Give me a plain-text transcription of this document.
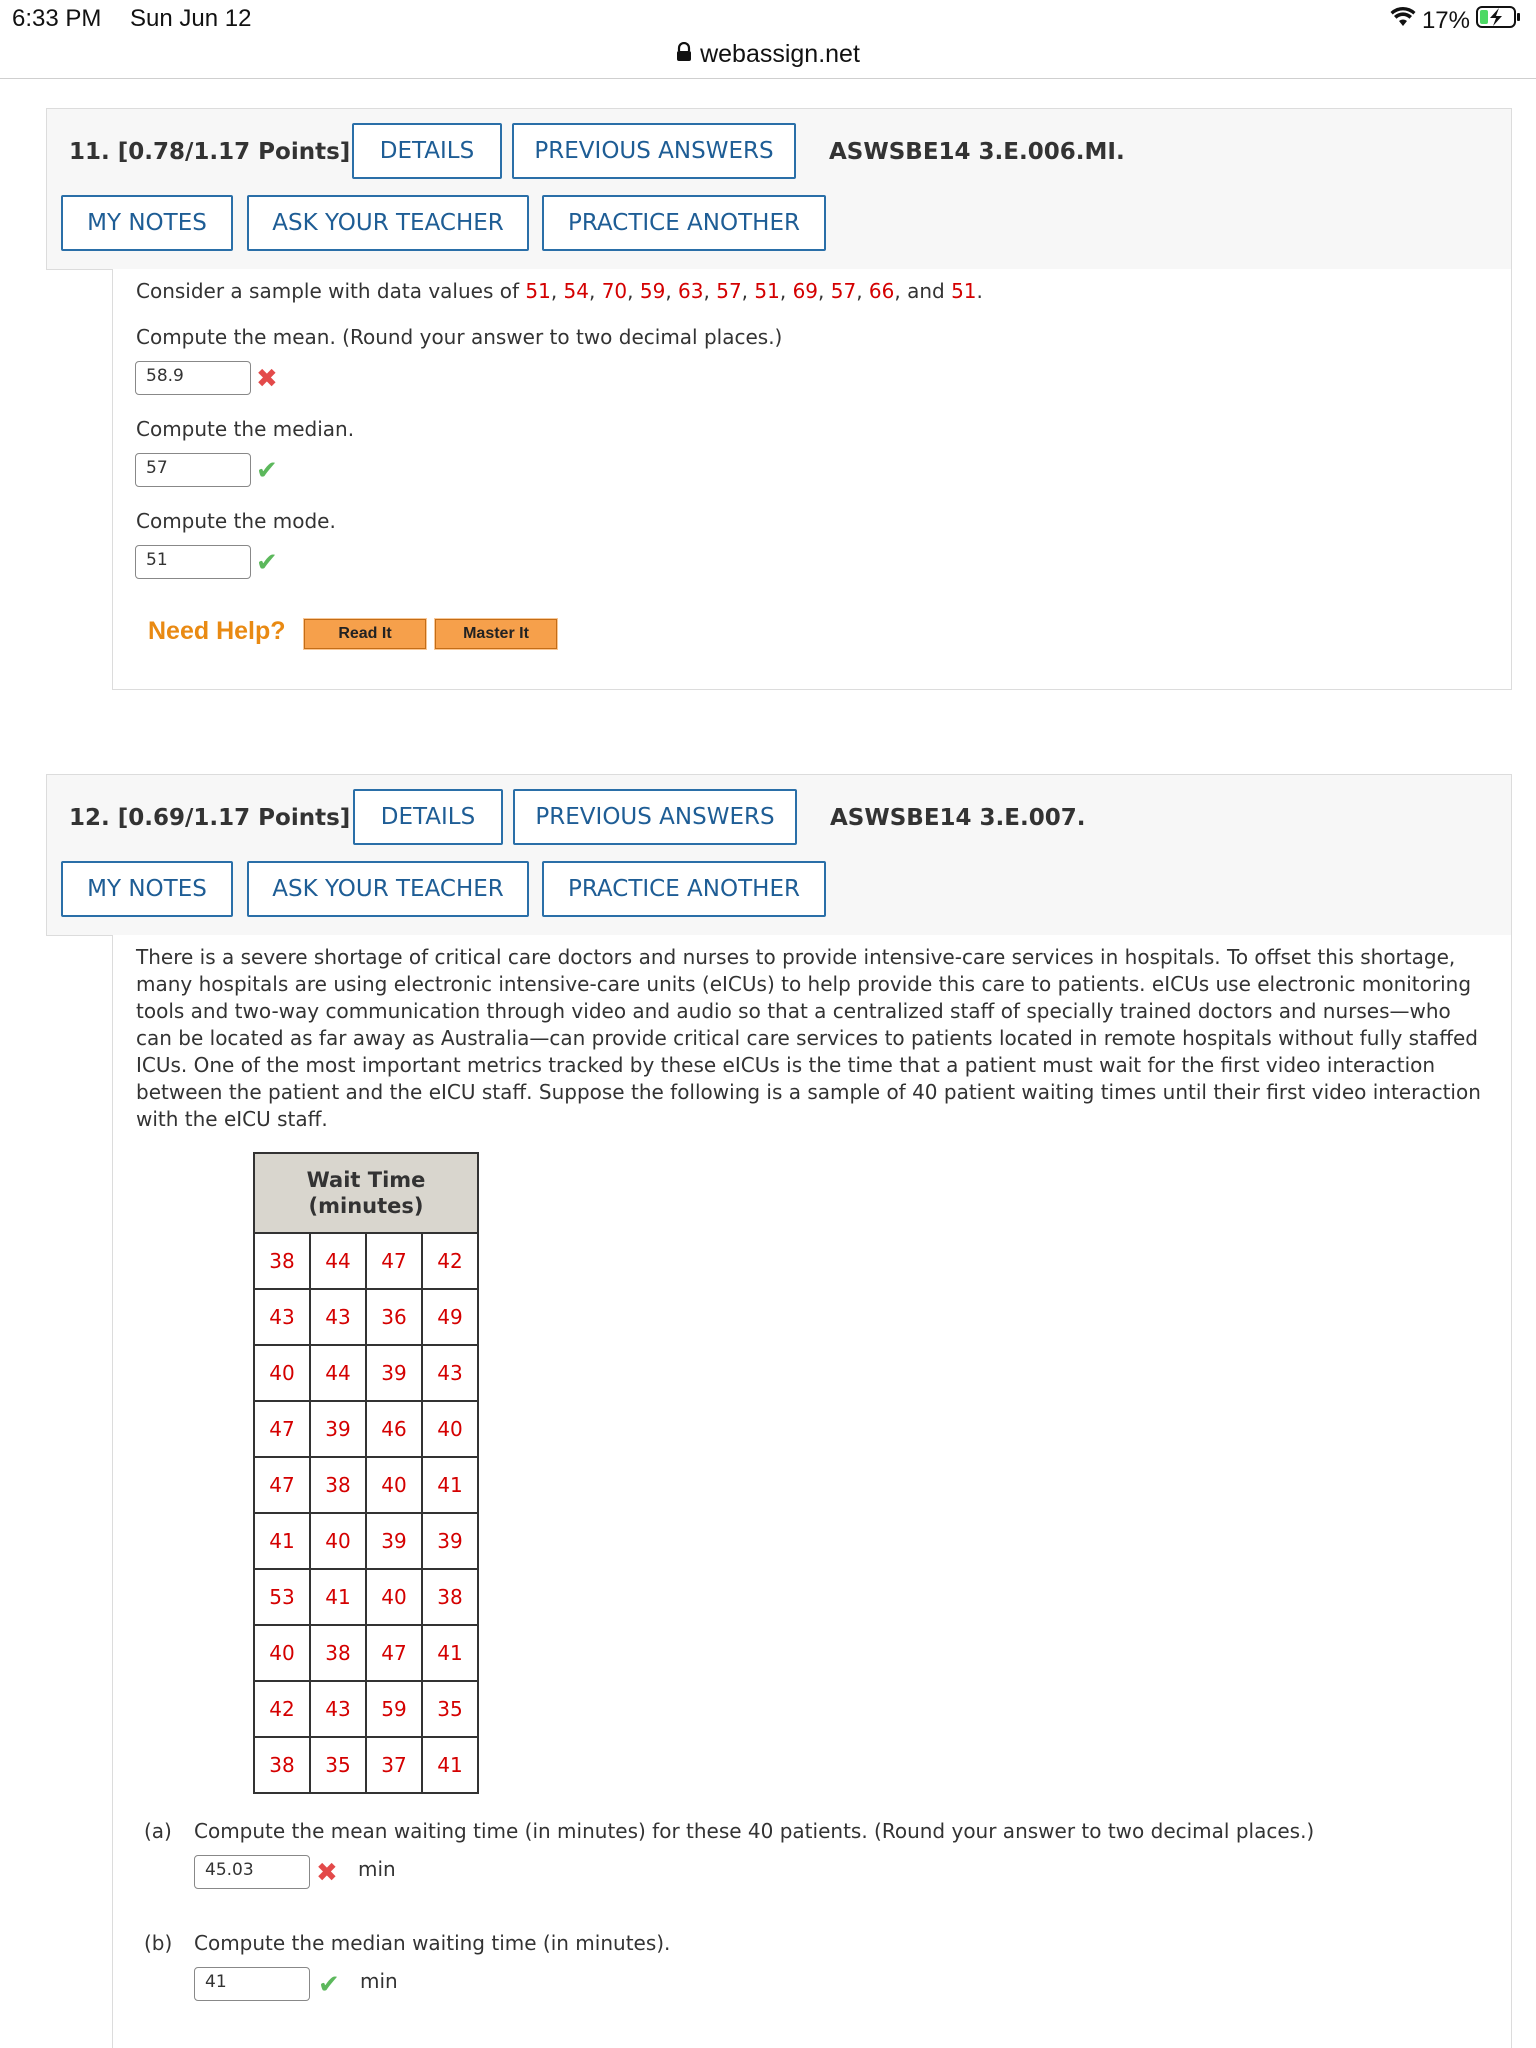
6:33 PM Sun Jun 12	17%
webassign.net
11. [0.78/1.17 Points]	DETAILS	PREVIOUS ANSWERS	ASWSBE14 3.E.006.MI.
MY NOTES	ASK YOUR TEACHER	PRACTICE ANOTHER
Consider a sample with data values of 51, 54, 70, 59, 63, 57, 51, 69, 57, 66, and 51.
Compute the mean. (Round your answer to two decimal places.)
58.9	✖
Compute the median.
57	✔
Compute the mode.
51	✔
Need Help?	Read It	Master It
12. [0.69/1.17 Points]	DETAILS	PREVIOUS ANSWERS	ASWSBE14 3.E.007.
MY NOTES	ASK YOUR TEACHER	PRACTICE ANOTHER
There is a severe shortage of critical care doctors and nurses to provide intensive-care services in hospitals. To offset this shortage, many hospitals are using electronic intensive-care units (eICUs) to help provide this care to patients. eICUs use electronic monitoring tools and two-way communication through video and audio so that a centralized staff of specially trained doctors and nurses—who can be located as far away as Australia—can provide critical care services to patients located in remote hospitals without fully staffed ICUs. One of the most important metrics tracked by these eICUs is the time that a patient must wait for the first video interaction between the patient and the eICU staff. Suppose the following is a sample of 40 patient waiting times until their first video interaction with the eICU staff.
Wait Time
(minutes)			
38	44	47	42
43	43	36	49
40	44	39	43
47	39	46	40
47	38	40	41
41	40	39	39
53	41	40	38
40	38	47	41
42	43	59	35
38	35	37	41
(a) Compute the mean waiting time (in minutes) for these 40 patients. (Round your answer to two decimal places.)
45.03	✖ min
(b) Compute the median waiting time (in minutes).
41	✔ min
